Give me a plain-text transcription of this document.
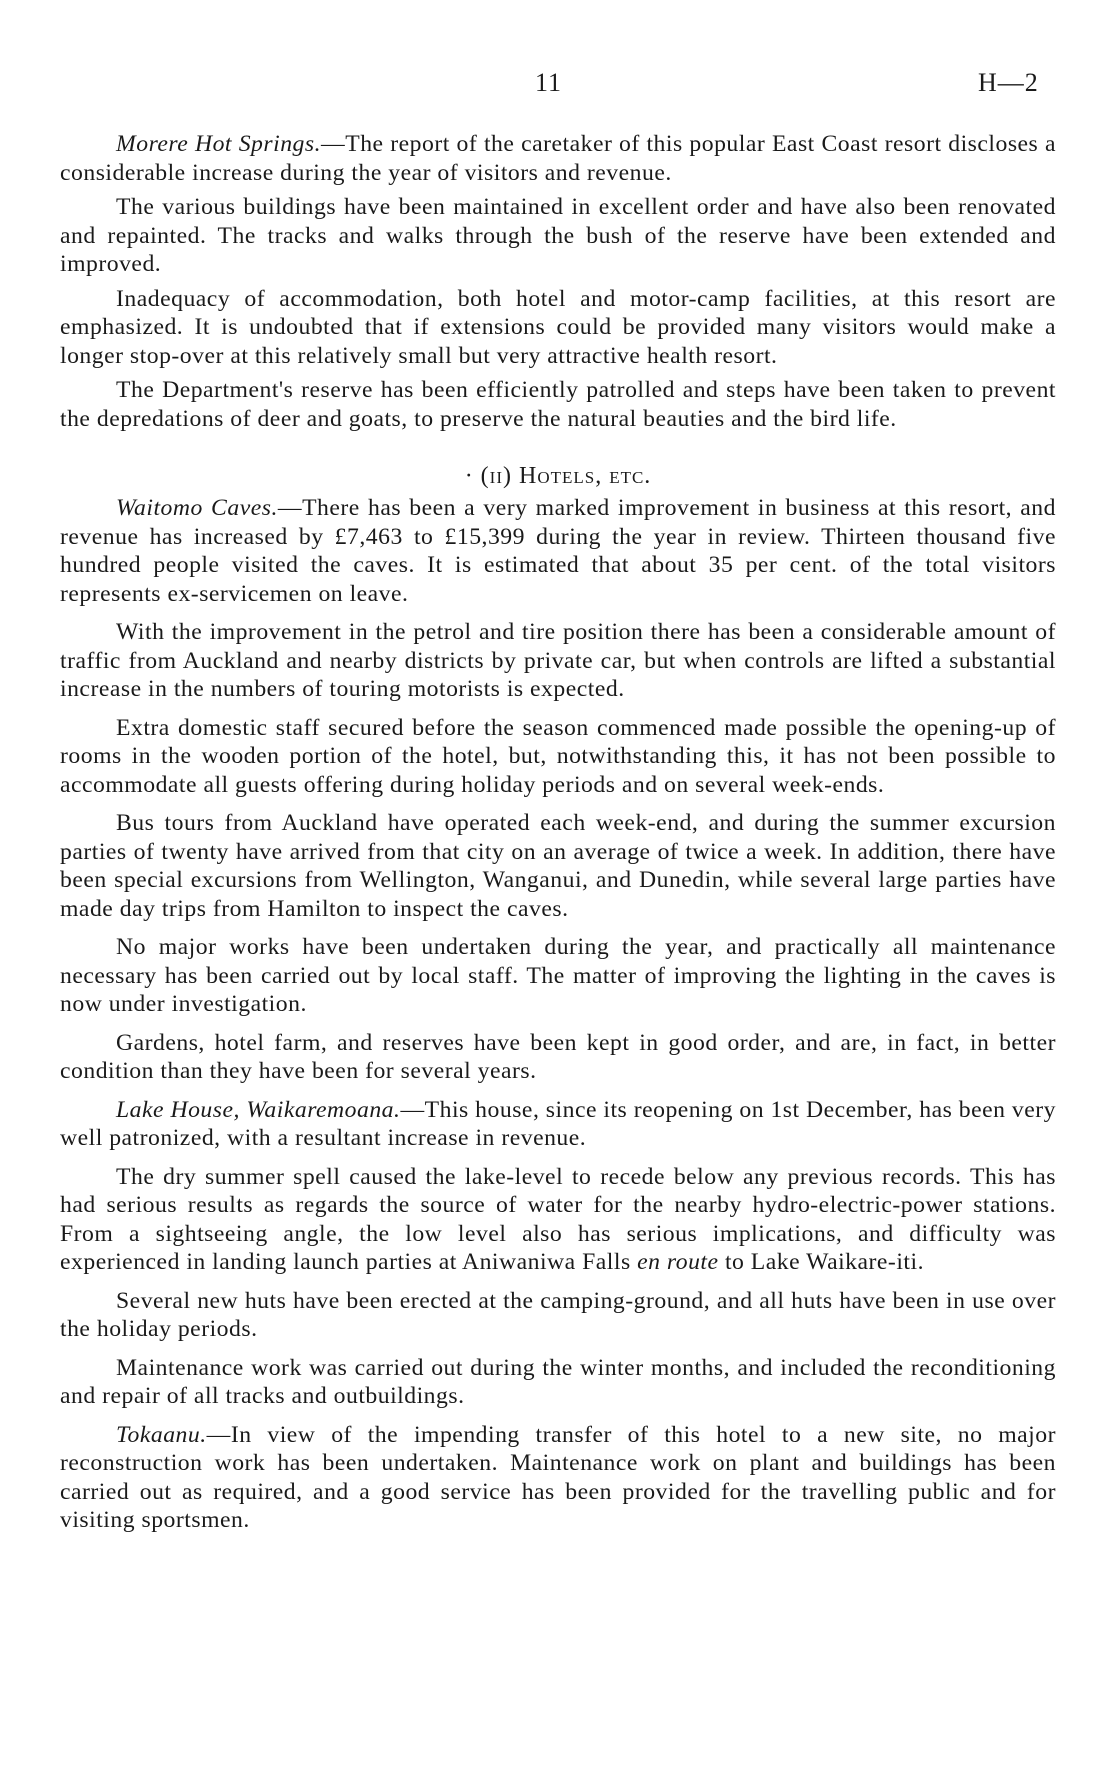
11	H—2

Morere Hot Springs.—The report of the caretaker of this popular East Coast resort discloses a considerable increase during the year of visitors and revenue.

The various buildings have been maintained in excellent order and have also been renovated and repainted. The tracks and walks through the bush of the reserve have been extended and improved.

Inadequacy of accommodation, both hotel and motor-camp facilities, at this resort are emphasized. It is undoubted that if extensions could be provided many visitors would make a longer stop-over at this relatively small but very attractive health resort.

The Department's reserve has been efficiently patrolled and steps have been taken to prevent the depredations of deer and goats, to preserve the natural beauties and the bird life.

· (ii) Hotels, etc.

Waitomo Caves.—There has been a very marked improvement in business at this resort, and revenue has increased by £7,463 to £15,399 during the year in review. Thirteen thousand five hundred people visited the caves. It is estimated that about 35 per cent. of the total visitors represents ex-servicemen on leave.

With the improvement in the petrol and tire position there has been a considerable amount of traffic from Auckland and nearby districts by private car, but when controls are lifted a substantial increase in the numbers of touring motorists is expected.

Extra domestic staff secured before the season commenced made possible the opening-up of rooms in the wooden portion of the hotel, but, notwithstanding this, it has not been possible to accommodate all guests offering during holiday periods and on several week-ends.

Bus tours from Auckland have operated each week-end, and during the summer excursion parties of twenty have arrived from that city on an average of twice a week. In addition, there have been special excursions from Wellington, Wanganui, and Dunedin, while several large parties have made day trips from Hamilton to inspect the caves.

No major works have been undertaken during the year, and practically all maintenance necessary has been carried out by local staff. The matter of improving the lighting in the caves is now under investigation.

Gardens, hotel farm, and reserves have been kept in good order, and are, in fact, in better condition than they have been for several years.

Lake House, Waikaremoana.—This house, since its reopening on 1st December, has been very well patronized, with a resultant increase in revenue.

The dry summer spell caused the lake-level to recede below any previous records. This has had serious results as regards the source of water for the nearby hydro-electric-power stations. From a sightseeing angle, the low level also has serious implications, and difficulty was experienced in landing launch parties at Aniwaniwa Falls en route to Lake Waikare-iti.

Several new huts have been erected at the camping-ground, and all huts have been in use over the holiday periods.

Maintenance work was carried out during the winter months, and included the reconditioning and repair of all tracks and outbuildings.

Tokaanu.—In view of the impending transfer of this hotel to a new site, no major reconstruction work has been undertaken. Maintenance work on plant and buildings has been carried out as required, and a good service has been provided for the travelling public and for visiting sportsmen.
